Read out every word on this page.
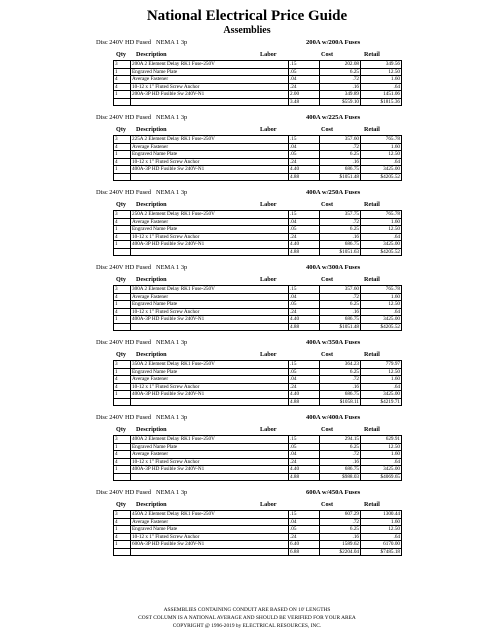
National Electrical Price Guide
Assemblies
Disc 240V HD Fused NEMA 1 3p	200A w/200A Fuses
Qty Description	Labor	Cost	Retail
3	200A 2 Element Delay RK1 Fuse-250V	.15	202.08	349.56
1	Engraved Name Plate	.05	6.25	12.50
4	Average Fastener	.04	.72	1.60
4	10-12 x 1" Fluted Screw Anchor	.24	.16	.64
1	200A-3P HD Fusible Sw 240V-N1	2.00	349.89	1451.06
		3.48	$559.10	$1815.36
Disc 240V HD Fused NEMA 1 3p	400A w/225A Fuses
Qty Description	Labor	Cost	Retail
3	225A 2 Element Delay RK1 Fuse-250V	.15	357.60	765.78
4	Average Fastener	.04	.72	1.60
1	Engraved Name Plate	.05	6.25	12.50
4	10-12 x 1" Fluted Screw Anchor	.24	.16	.64
1	400A-3P HD Fusible Sw 240V-N1	4.40	686.75	3425.00
		4.88	$1051.48	$4205.52
Disc 240V HD Fused NEMA 1 3p	400A w/250A Fuses
Qty Description	Labor	Cost	Retail
3	250A 2 Element Delay RK1 Fuse-250V	.15	357.75	765.78
4	Average Fastener	.04	.72	1.60
1	Engraved Name Plate	.05	6.25	12.50
4	10-12 x 1" Fluted Screw Anchor	.24	.16	.64
1	400A-3P HD Fusible Sw 240V-N1	4.40	686.75	3425.00
		4.88	$1051.63	$4205.52
Disc 240V HD Fused NEMA 1 3p	400A w/300A Fuses
Qty Description	Labor	Cost	Retail
3	300A 2 Element Delay RK1 Fuse-250V	.15	357.60	765.78
4	Average Fastener	.04	.72	1.60
1	Engraved Name Plate	.05	6.25	12.50
4	10-12 x 1" Fluted Screw Anchor	.24	.16	.64
1	400A-3P HD Fusible Sw 240V-N1	4.40	686.75	3425.00
		4.88	$1051.48	$4205.52
Disc 240V HD Fused NEMA 1 3p	400A w/350A Fuses
Qty Description	Labor	Cost	Retail
3	350A 2 Element Delay RK1 Fuse-250V	.15	364.23	779.97
1	Engraved Name Plate	.05	6.25	12.50
4	Average Fastener	.04	.72	1.60
4	10-12 x 1" Fluted Screw Anchor	.24	.16	.64
1	400A-3P HD Fusible Sw 240V-N1	4.40	686.75	3425.00
		4.88	$1058.11	$4219.71
Disc 240V HD Fused NEMA 1 3p	400A w/400A Fuses
Qty Description	Labor	Cost	Retail
3	400A 2 Element Delay RK1 Fuse-250V	.15	294.15	629.91
1	Engraved Name Plate	.05	6.25	12.50
4	Average Fastener	.04	.72	1.60
4	10-12 x 1" Fluted Screw Anchor	.24	.16	.64
1	400A-3P HD Fusible Sw 240V-N1	4.40	686.75	3425.00
		4.88	$988.03	$4069.65
Disc 240V HD Fused NEMA 1 3p	600A w/450A Fuses
Qty Description	Labor	Cost	Retail
3	450A 2 Element Delay RK1 Fuse-250V	.15	607.29	1300.44
4	Average Fastener	.04	.72	1.60
1	Engraved Name Plate	.05	6.25	12.50
4	10-12 x 1" Fluted Screw Anchor	.24	.16	.64
1	600A-3P HD Fusible Sw 240V-N1	6.40	1589.62	6170.00
		6.88	$2204.04	$7485.18
ASSEMBLIES CONTAINING CONDUIT ARE BASED ON 10' LENGTHS
COST COLUMN IS A NATIONAL AVERAGE AND SHOULD BE VERIFIED FOR YOUR AREA
COPYRIGHT @ 1996-2019 by ELECTRICAL RESOURCES, INC.
